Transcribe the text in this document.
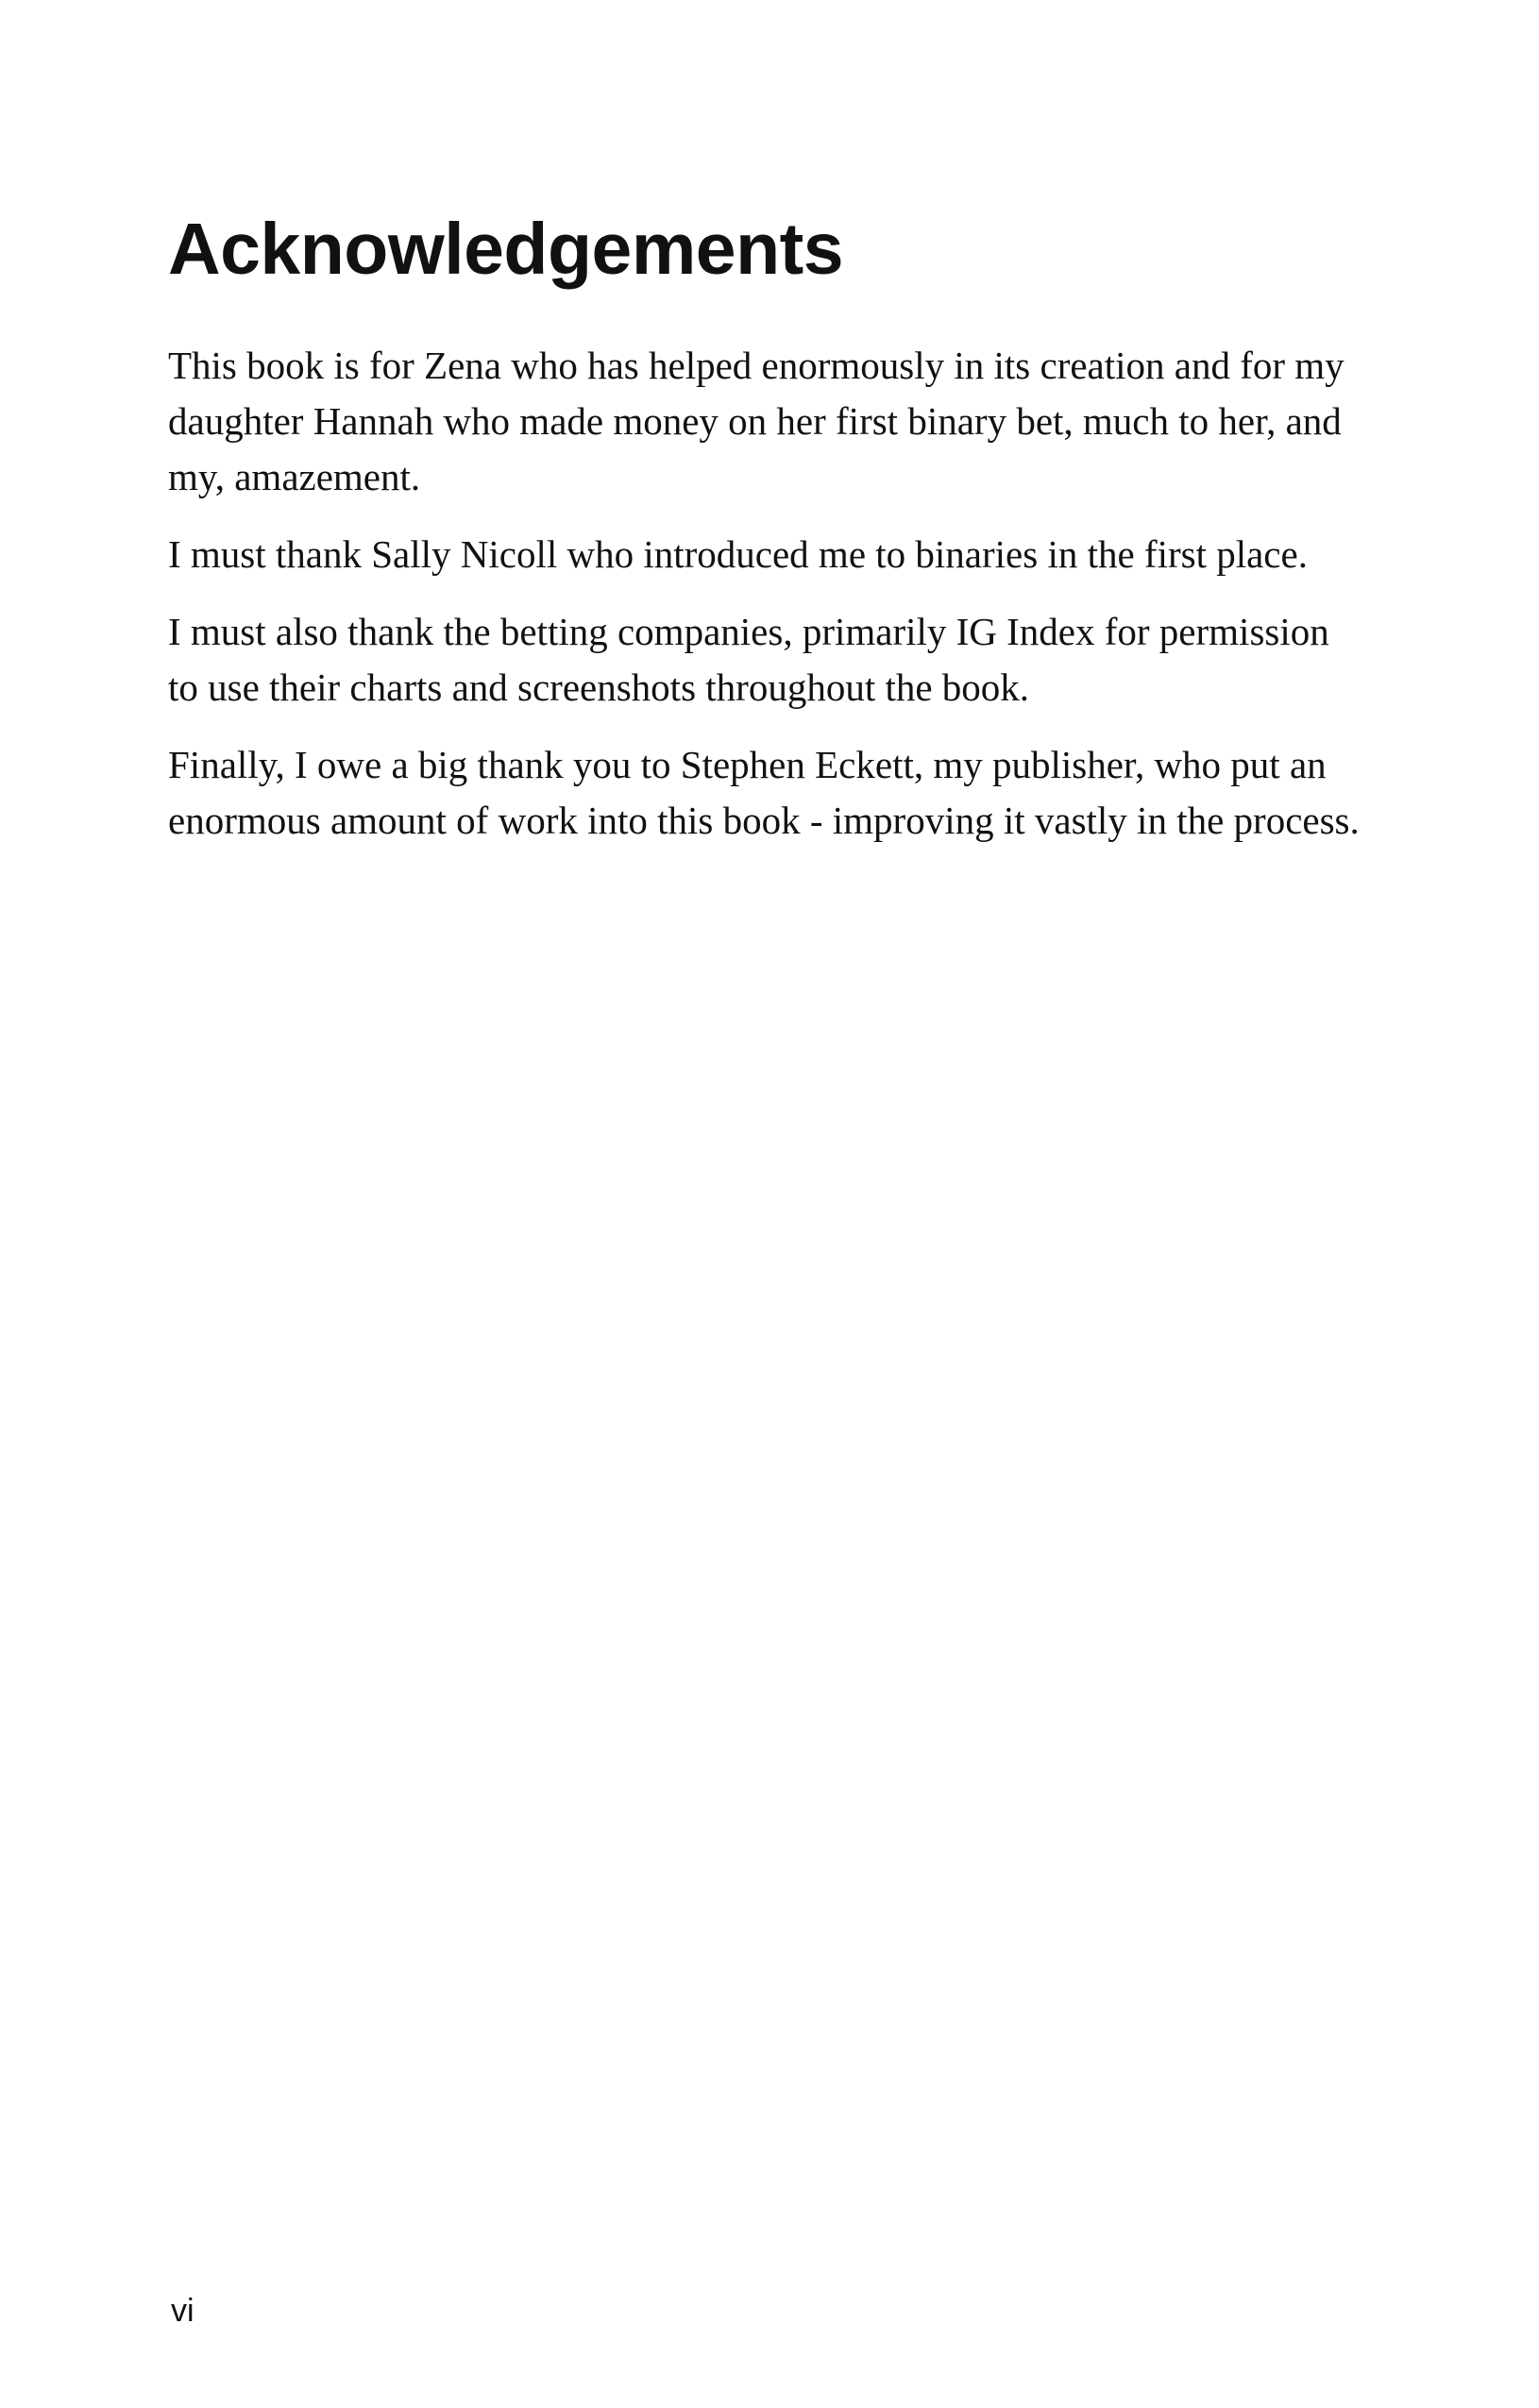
Acknowledgements

This book is for Zena who has helped enormously in its creation and for my
daughter Hannah who made money on her first binary bet, much to her, and
my, amazement.

I must thank Sally Nicoll who introduced me to binaries in the first place.

I must also thank the betting companies, primarily IG Index for permission
to use their charts and screenshots throughout the book.

Finally, I owe a big thank you to Stephen Eckett, my publisher, who put an
enormous amount of work into this book - improving it vastly in the process.

vi
